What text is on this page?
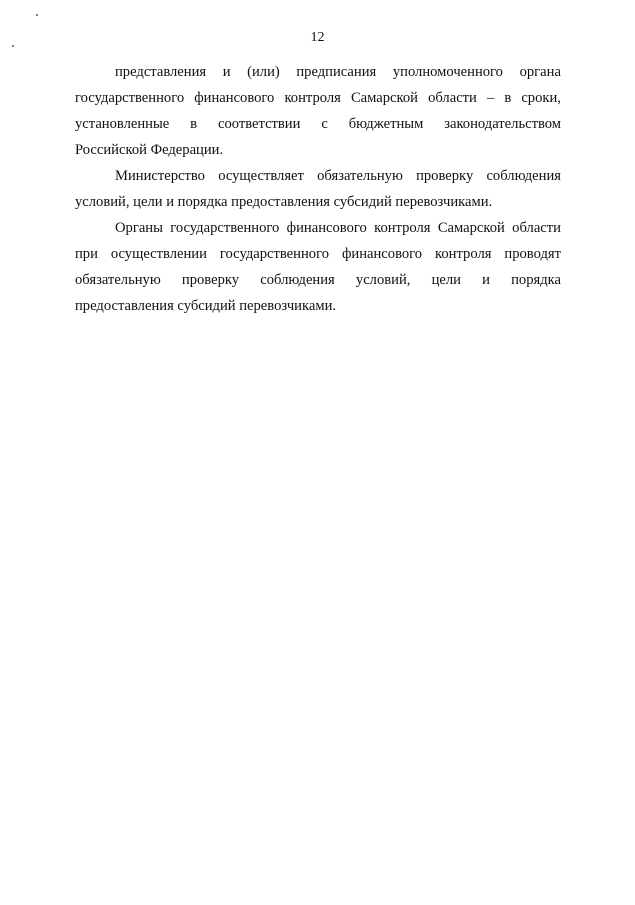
12
представления и (или) предписания уполномоченного органа
государственного финансового контроля Самарской области – в сроки,
установленные в соответствии с бюджетным законодательством
Российской Федерации.
Министерство осуществляет обязательную проверку соблюдения
условий, цели и порядка предоставления субсидий перевозчиками.
Органы государственного финансового контроля Самарской области
при осуществлении государственного финансового контроля проводят
обязательную проверку соблюдения условий, цели и порядка
предоставления субсидий перевозчиками.
